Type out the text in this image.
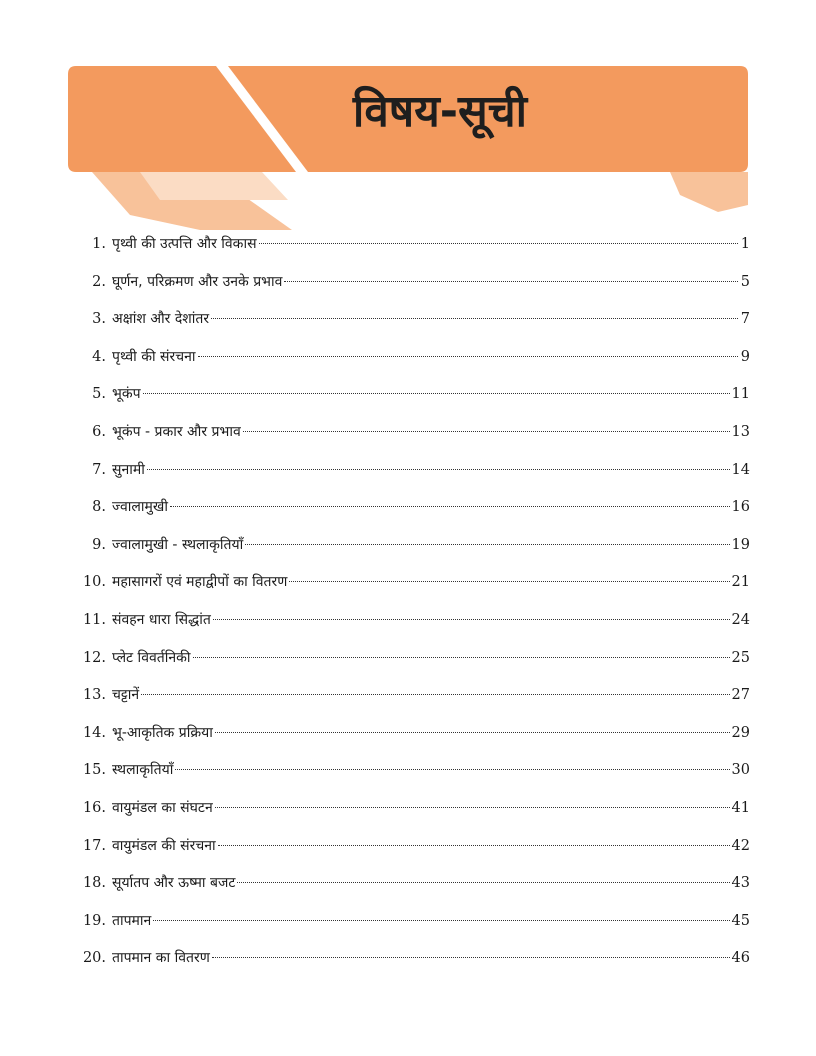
विषय-सूची
1. पृथ्वी की उत्पत्ति और विकास	1
2. घूर्णन, परिक्रमण और उनके प्रभाव	5
3. अक्षांश और देशांतर	7
4. पृथ्वी की संरचना	9
5. भूकंप	11
6. भूकंप - प्रकार और प्रभाव	13
7. सुनामी	14
8. ज्वालामुखी	16
9. ज्वालामुखी - स्थलाकृतियाँ	19
10. महासागरों एवं महाद्वीपों का वितरण	21
11. संवहन धारा सिद्धांत	24
12. प्लेट विवर्तनिकी	25
13. चट्टानें	27
14. भू-आकृतिक प्रक्रिया	29
15. स्थलाकृतियाँ	30
16. वायुमंडल का संघटन	41
17. वायुमंडल की संरचना	42
18. सूर्यातप और ऊष्मा बजट	43
19. तापमान	45
20. तापमान का वितरण	46
